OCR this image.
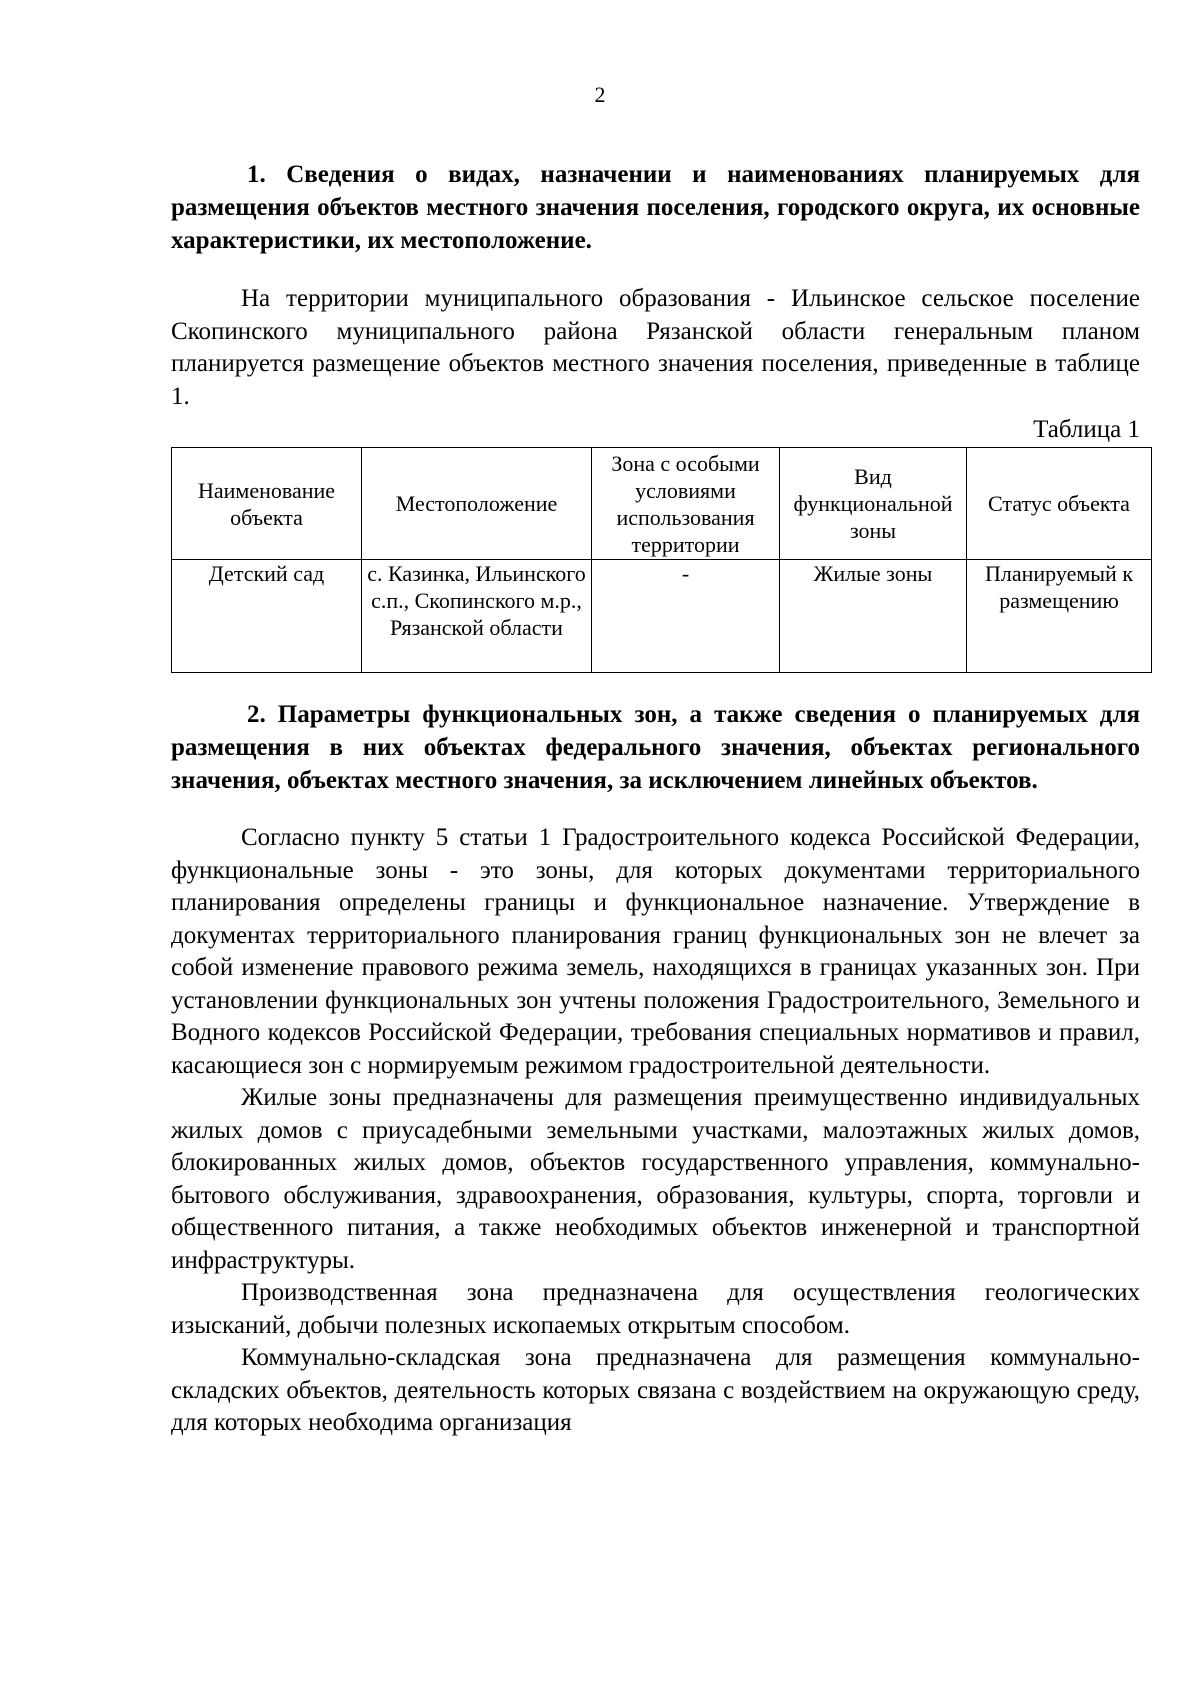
2

1. Сведения о видах, назначении и наименованиях планируемых для размещения объектов местного значения поселения, городского округа, их основные характеристики, их местоположение.

На территории муниципального образования - Ильинское сельское поселение Скопинского муниципального района Рязанской области генеральным планом планируется размещение объектов местного значения поселения, приведенные в таблице 1.

Таблица 1
Наименование объекта	Местоположение	Зона с особыми условиями использования территории	Вид функциональной зоны	Статус объекта
Детский сад	с. Казинка, Ильинского с.п., Скопинского м.р., Рязанской области	-	Жилые зоны	Планируемый к размещению

2. Параметры функциональных зон, а также сведения о планируемых для размещения в них объектах федерального значения, объектах регионального значения, объектах местного значения, за исключением линейных объектов.

Согласно пункту 5 статьи 1 Градостроительного кодекса Российской Федерации, функциональные зоны - это зоны, для которых документами территориального планирования определены границы и функциональное назначение. Утверждение в документах территориального планирования границ функциональных зон не влечет за собой изменение правового режима земель, находящихся в границах указанных зон. При установлении функциональных зон учтены положения Градостроительного, Земельного и Водного кодексов Российской Федерации, требования специальных нормативов и правил, касающиеся зон с нормируемым режимом градостроительной деятельности.

Жилые зоны предназначены для размещения преимущественно индивидуальных жилых домов с приусадебными земельными участками, малоэтажных жилых домов, блокированных жилых домов, объектов государственного управления, коммунально-бытового обслуживания, здравоохранения, образования, культуры, спорта, торговли и общественного питания, а также необходимых объектов инженерной и транспортной инфраструктуры.

Производственная зона предназначена для осуществления геологических изысканий, добычи полезных ископаемых открытым способом.

Коммунально-складская зона предназначена для размещения коммунально-складских объектов, деятельность которых связана с воздействием на окружающую среду, для которых необходима организация
